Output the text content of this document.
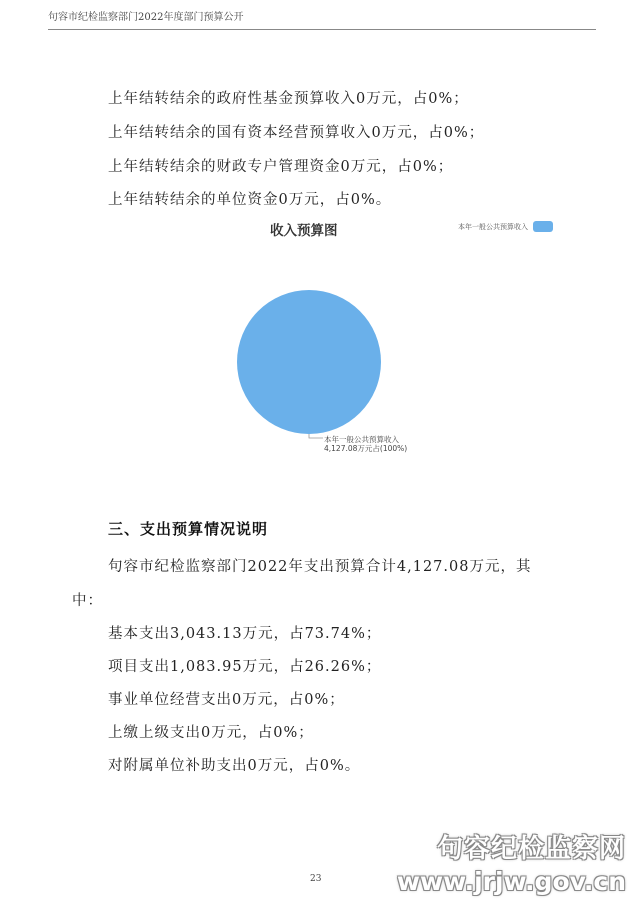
句容市纪检监察部门2022年度部门预算公开
上年结转结余的政府性基金预算收入0万元，占0%；
上年结转结余的国有资本经营预算收入0万元，占0%；
上年结转结余的财政专户管理资金0万元，占0%；
上年结转结余的单位资金0万元，占0%。
收入预算图	本年一般公共预算收入
本年一般公共预算收入
4,127.08万元占(100%)
三、支出预算情况说明
句容市纪检监察部门2022年支出预算合计4,127.08万元，其
中：
基本支出3,043.13万元，占73.74%；
项目支出1,083.95万元，占26.26%；
事业单位经营支出0万元，占0%；
上缴上级支出0万元，占0%；
对附属单位补助支出0万元，占0%。
23
句容纪检监察网
www.jrjw.gov.cn
